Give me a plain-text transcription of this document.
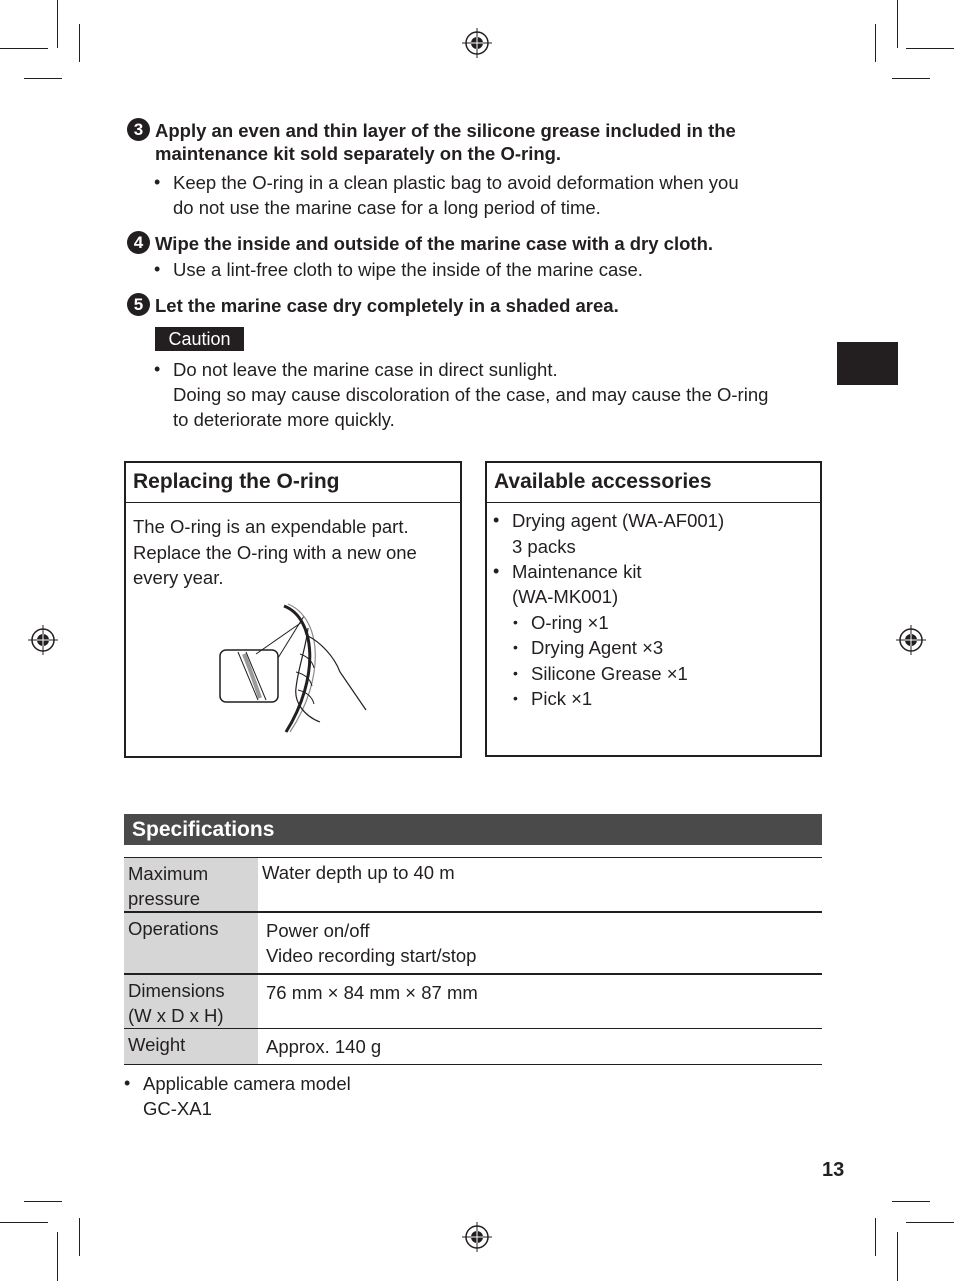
3 Apply an even and thin layer of the silicone grease included in the
maintenance kit sold separately on the O-ring.
• Keep the O-ring in a clean plastic bag to avoid deformation when you
do not use the marine case for a long period of time.
4 Wipe the inside and outside of the marine case with a dry cloth.
• Use a lint-free cloth to wipe the inside of the marine case.
5 Let the marine case dry completely in a shaded area.
Caution
• Do not leave the marine case in direct sunlight.
Doing so may cause discoloration of the case, and may cause the O-ring
to deteriorate more quickly.
Replacing the O-ring
The O-ring is an expendable part.
Replace the O-ring with a new one
every year.
Available accessories
• Drying agent (WA-AF001)
3 packs
• Maintenance kit
(WA-MK001)
• O-ring ×1
• Drying Agent ×3
• Silicone Grease ×1
• Pick ×1
Specifications
Maximum
pressure
Water depth up to 40 m
Operations	Power on/off
Video recording start/stop
Dimensions
(W x D x H)
76 mm × 84 mm × 87 mm
Weight	Approx. 140 g
• Applicable camera model
GC-XA1
13
